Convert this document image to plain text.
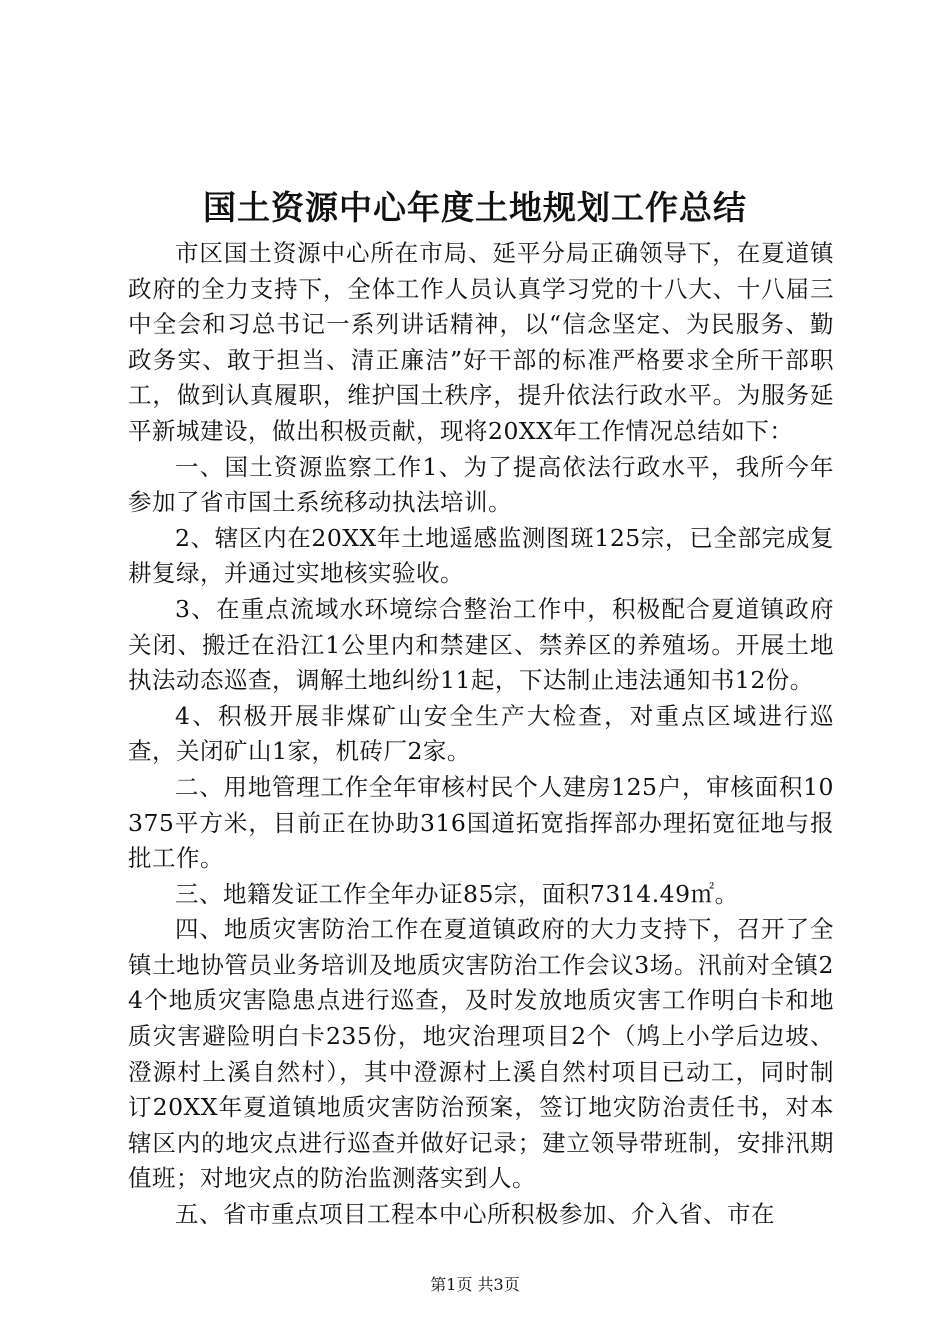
国土资源中心年度土地规划工作总结

市区国土资源中心所在市局、延平分局正确领导下，在夏道镇政府的全力支持下，全体工作人员认真学习党的十八大、十八届三中全会和习总书记一系列讲话精神，以“信念坚定、为民服务、勤政务实、敢于担当、清正廉洁”好干部的标准严格要求全所干部职工，做到认真履职，维护国土秩序，提升依法行政水平。为服务延平新城建设，做出积极贡献，现将20XX年工作情况总结如下：

一、国土资源监察工作1、为了提高依法行政水平，我所今年参加了省市国土系统移动执法培训。

2、辖区内在20XX年土地遥感监测图斑125宗，已全部完成复耕复绿，并通过实地核实验收。

3、在重点流域水环境综合整治工作中，积极配合夏道镇政府关闭、搬迁在沿江1公里内和禁建区、禁养区的养殖场。开展土地执法动态巡查，调解土地纠纷11起，下达制止违法通知书12份。

4、积极开展非煤矿山安全生产大检查，对重点区域进行巡查，关闭矿山1家，机砖厂2家。

二、用地管理工作全年审核村民个人建房125户，审核面积10375平方米，目前正在协助316国道拓宽指挥部办理拓宽征地与报批工作。

三、地籍发证工作全年办证85宗，面积7314.49㎡。

四、地质灾害防治工作在夏道镇政府的大力支持下，召开了全镇土地协管员业务培训及地质灾害防治工作会议3场。汛前对全镇24个地质灾害隐患点进行巡查，及时发放地质灾害工作明白卡和地质灾害避险明白卡235份，地灾治理项目2个（鸠上小学后边坡、澄源村上溪自然村），其中澄源村上溪自然村项目已动工，同时制订20XX年夏道镇地质灾害防治预案，签订地灾防治责任书，对本辖区内的地灾点进行巡查并做好记录；建立领导带班制，安排汛期值班；对地灾点的防治监测落实到人。

五、省市重点项目工程本中心所积极参加、介入省、市在

第1页 共3页
